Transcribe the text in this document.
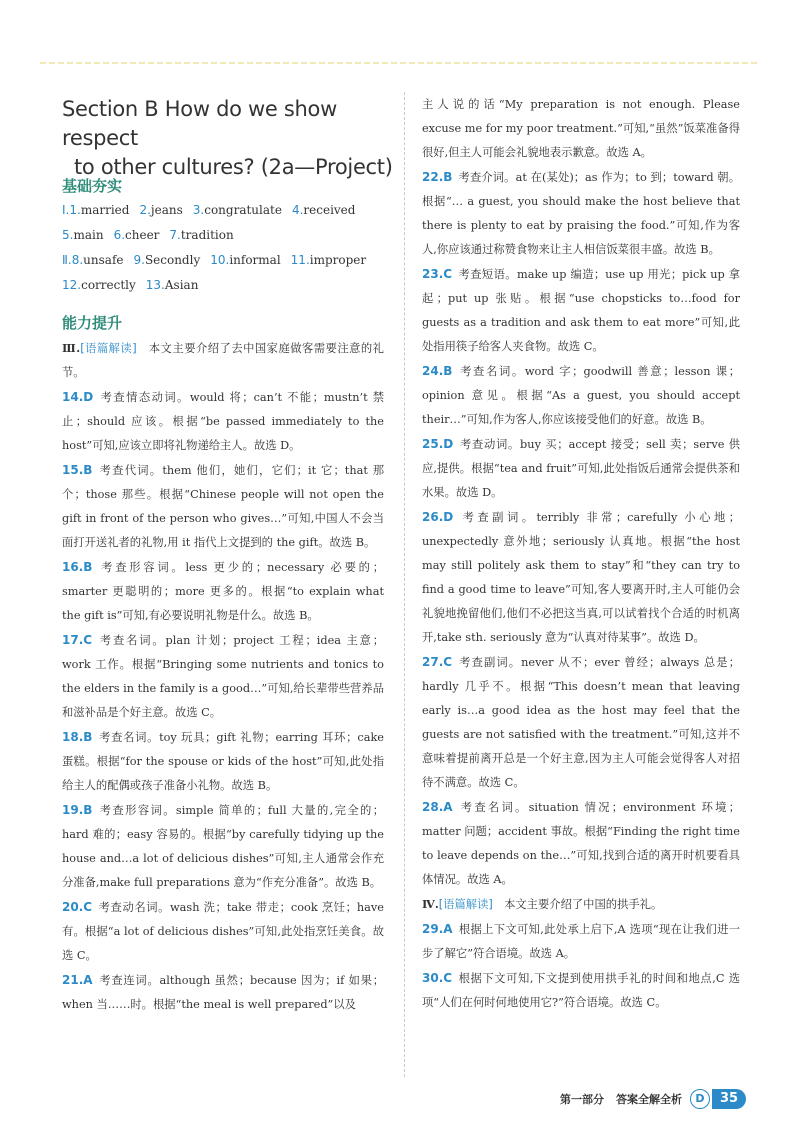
Section B How do we show respect
to other cultures? (2a—Project)
基础夯实
Ⅰ.1.married 2.jeans 3.congratulate 4.received
5.main 6.cheer 7.tradition
Ⅱ.8.unsafe 9.Secondly 10.informal 11.improper
12.correctly 13.Asian
能力提升
Ⅲ.[语篇解读]　本文主要介绍了去中国家庭做客需要注意的礼节。
14.D 考查情态动词。would 将；can’t 不能；mustn’t 禁止；should 应该。根据“be passed immediately to the host”可知,应该立即将礼物递给主人。故选 D。
15.B 考查代词。them 他们，她们，它们；it 它；that 那个；those 那些。根据“Chinese people will not open the gift in front of the person who gives…”可知,中国人不会当面打开送礼者的礼物,用 it 指代上文提到的 the gift。故选 B。
16.B 考查形容词。less 更少的；necessary 必要的；smarter 更聪明的；more 更多的。根据“to explain what the gift is”可知,有必要说明礼物是什么。故选 B。
17.C 考查名词。plan 计划；project 工程；idea 主意；work 工作。根据“Bringing some nutrients and tonics to the elders in the family is a good…”可知,给长辈带些营养品和滋补品是个好主意。故选 C。
18.B 考查名词。toy 玩具；gift 礼物；earring 耳环；cake 蛋糕。根据“for the spouse or kids of the host”可知,此处指给主人的配偶或孩子准备小礼物。故选 B。
19.B 考查形容词。simple 简单的；full 大量的,完全的；hard 难的；easy 容易的。根据“by carefully tidying up the house and…a lot of delicious dishes”可知,主人通常会作充分准备,make full preparations 意为“作充分准备”。故选 B。
20.C 考查动名词。wash 洗；take 带走；cook 烹饪；have 有。根据“a lot of delicious dishes”可知,此处指烹饪美食。故选 C。
21.A 考查连词。although 虽然；because 因为；if 如果；when 当……时。根据“the meal is well prepared”以及
主人说的话“My preparation is not enough. Please excuse me for my poor treatment.”可知,“虽然”饭菜准备得很好,但主人可能会礼貌地表示歉意。故选 A。
22.B 考查介词。at 在(某处)；as 作为；to 到；toward 朝。根据“… a guest, you should make the host believe that there is plenty to eat by praising the food.”可知,作为客人,你应该通过称赞食物来让主人相信饭菜很丰盛。故选 B。
23.C 考查短语。make up 编造；use up 用光；pick up 拿起；put up 张贴。根据“use chopsticks to…food for guests as a tradition and ask them to eat more”可知,此处指用筷子给客人夹食物。故选 C。
24.B 考查名词。word 字；goodwill 善意；lesson 课；opinion 意见。根据“As a guest, you should accept their…”可知,作为客人,你应该接受他们的好意。故选 B。
25.D 考查动词。buy 买；accept 接受；sell 卖；serve 供应,提供。根据“tea and fruit”可知,此处指饭后通常会提供茶和水果。故选 D。
26.D 考查副词。terribly 非常；carefully 小心地；unexpectedly 意外地；seriously 认真地。根据“the host may still politely ask them to stay”和“they can try to find a good time to leave”可知,客人要离开时,主人可能仍会礼貌地挽留他们,他们不必把这当真,可以试着找个合适的时机离开,take sth. seriously 意为“认真对待某事”。故选 D。
27.C 考查副词。never 从不；ever 曾经；always 总是；hardly 几乎不。根据“This doesn’t mean that leaving early is…a good idea as the host may feel that the guests are not satisfied with the treatment.”可知,这并不意味着提前离开总是一个好主意,因为主人可能会觉得客人对招待不满意。故选 C。
28.A 考查名词。situation 情况；environment 环境；matter 问题；accident 事故。根据“Finding the right time to leave depends on the…”可知,找到合适的离开时机要看具体情况。故选 A。
Ⅳ.[语篇解读]　本文主要介绍了中国的拱手礼。
29.A 根据上下文可知,此处承上启下,A 选项“现在让我们进一步了解它”符合语境。故选 A。
30.C 根据下文可知,下文提到使用拱手礼的时间和地点,C 选项“人们在何时何地使用它?”符合语境。故选 C。
第一部分 答案全解全析	D	35
